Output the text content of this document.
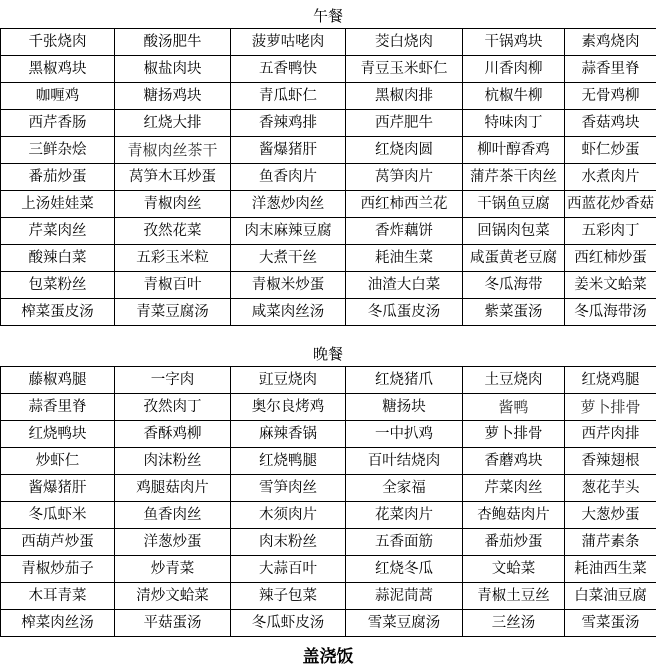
午餐
千张烧肉	酸汤肥牛	菠萝咕咾肉	茭白烧肉	干锅鸡块	素鸡烧肉
黑椒鸡块	椒盐肉块	五香鸭快	青豆玉米虾仁	川香肉柳	蒜香里脊
咖喱鸡	糖扬鸡块	青瓜虾仁	黑椒肉排	杭椒牛柳	无骨鸡柳
西芹香肠	红烧大排	香辣鸡排	西芹肥牛	特味肉丁	香菇鸡块
三鲜杂烩	青椒肉丝茶干	酱爆猪肝	红烧肉圆	柳叶醇香鸡	虾仁炒蛋
番茄炒蛋	莴笋木耳炒蛋	鱼香肉片	莴笋肉片	蒲芹茶干肉丝	水煮肉片
上汤娃娃菜	青椒肉丝	洋葱炒肉丝	西红柿西兰花	干锅鱼豆腐	西蓝花炒香菇
芹菜肉丝	孜然花菜	肉末麻辣豆腐	香炸藕饼	回锅肉包菜	五彩肉丁
酸辣白菜	五彩玉米粒	大煮干丝	耗油生菜	咸蛋黄老豆腐	西红柿炒蛋
包菜粉丝	青椒百叶	青椒米炒蛋	油渣大白菜	冬瓜海带	姜米文蛤菜
榨菜蛋皮汤	青菜豆腐汤	咸菜肉丝汤	冬瓜蛋皮汤	紫菜蛋汤	冬瓜海带汤
晚餐
藤椒鸡腿	一字肉	豇豆烧肉	红烧猪爪	土豆烧肉	红烧鸡腿
蒜香里脊	孜然肉丁	奥尔良烤鸡	糖扬块	酱鸭	萝卜排骨
红烧鸭块	香酥鸡柳	麻辣香锅	一中扒鸡	萝卜排骨	西芹肉排
炒虾仁	肉沫粉丝	红烧鸭腿	百叶结烧肉	香蘑鸡块	香辣翅根
酱爆猪肝	鸡腿菇肉片	雪笋肉丝	全家福	芹菜肉丝	葱花芋头
冬瓜虾米	鱼香肉丝	木须肉片	花菜肉片	杏鲍菇肉片	大葱炒蛋
西葫芦炒蛋	洋葱炒蛋	肉末粉丝	五香面筋	番茄炒蛋	蒲芹素条
青椒炒茄子	炒青菜	大蒜百叶	红烧冬瓜	文蛤菜	耗油西生菜
木耳青菜	清炒文蛤菜	辣子包菜	蒜泥茼蒿	青椒土豆丝	白菜油豆腐
榨菜肉丝汤	平菇蛋汤	冬瓜虾皮汤	雪菜豆腐汤	三丝汤	雪菜蛋汤
盖浇饭
